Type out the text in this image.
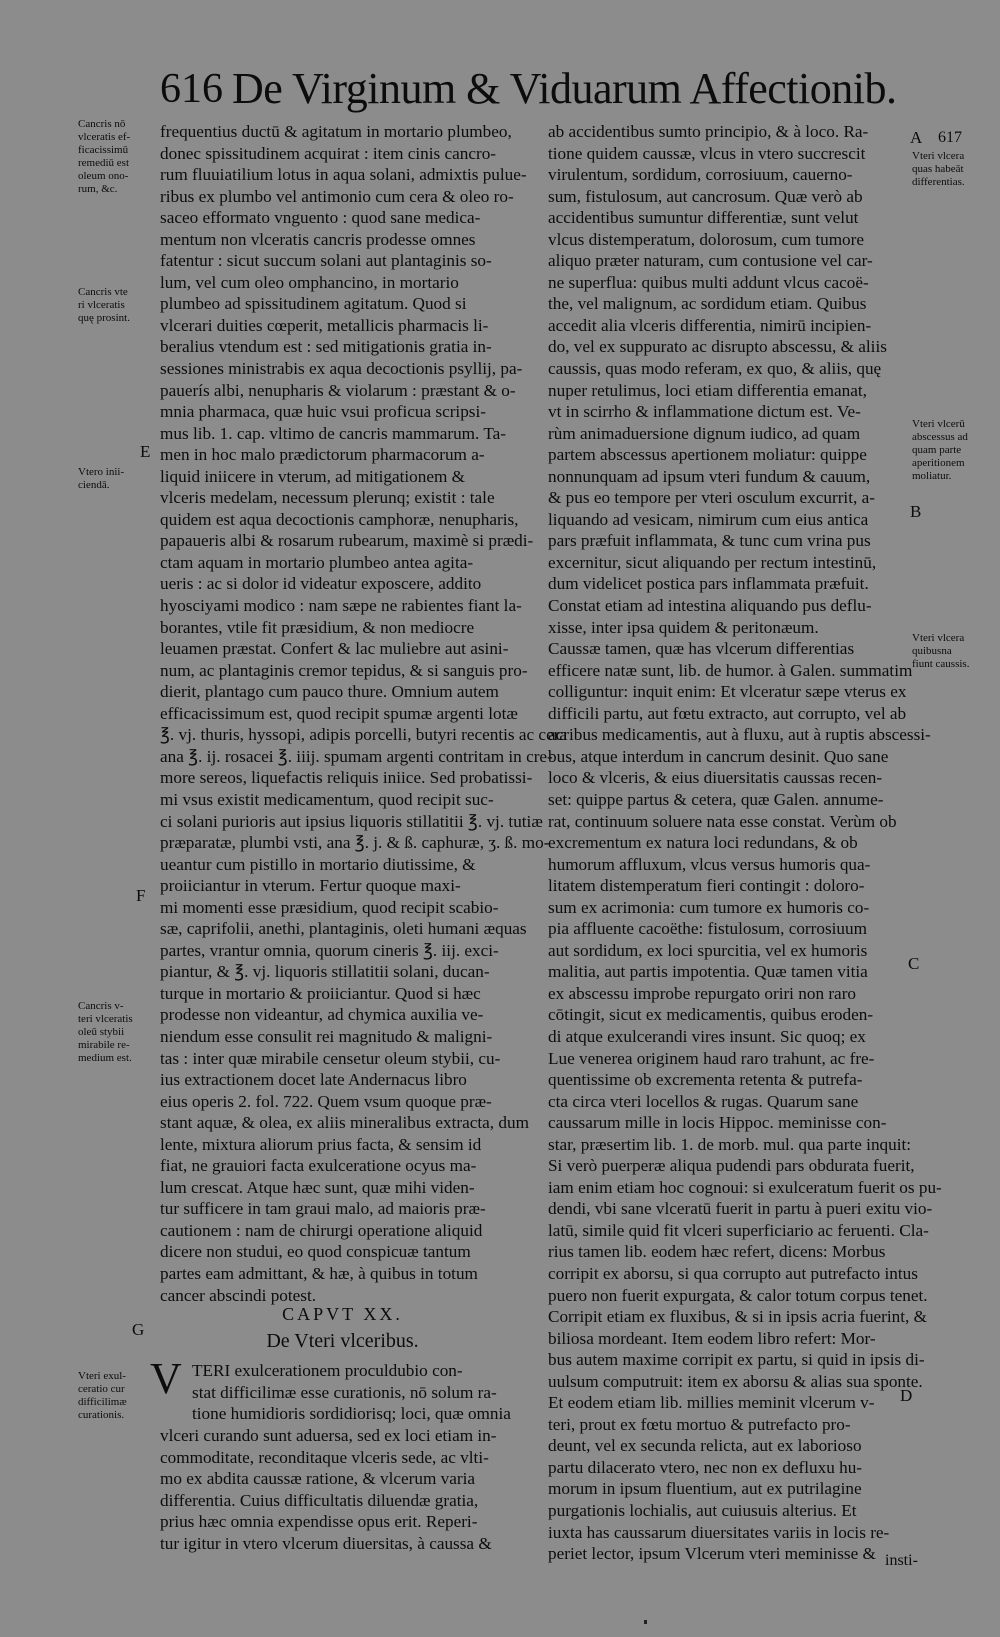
616 De Virginum & Viduarum Affectionib.
Cancris nō
vlceratis ef-
ficacissimū
remediū est
oleum ono-
rum, &c.
Cancris vte
ri vlceratis
quę prosint.
Vtero inii-
ciendā.
Cancris v-
teri vlceratis
oleū stybii
mirabile re-
medium est.
Vteri exul-
ceratio cur
difficilimæ
curationis.
E
F
G
A 617
Vteri vlcera
quas habeāt
differentias.
Vteri vlcerū
abscessus ad
quam parte
aperitionem
moliatur.
B
Vteri vlcera
quibusna
fiunt caussis.
C
D
frequentius ductū & agitatum in mortario plumbeo,
donec spissitudinem acquirat : item cinis cancro-
rum fluuiatilium lotus in aqua solani, admixtis pulue-
ribus ex plumbo vel antimonio cum cera & oleo ro-
saceo efformato vnguento : quod sane medica-
mentum non vlceratis cancris prodesse omnes
fatentur : sicut succum solani aut plantaginis so-
lum, vel cum oleo omphancino, in mortario
plumbeo ad spissitudinem agitatum. Quod si
vlcerari duities cœperit, metallicis pharmacis li-
beralius vtendum est : sed mitigationis gratia in-
sessiones ministrabis ex aqua decoctionis psyllij, pa-
pauerís albi, nenupharis & violarum : præstant & o-
mnia pharmaca, quæ huic vsui proficua scripsi-
mus lib. 1. cap. vltimo de cancris mammarum. Ta-
men in hoc malo prædictorum pharmacorum a-
liquid iniicere in vterum, ad mitigationem &
vlceris medelam, necessum plerunq; existit : tale
quidem est aqua decoctionis camphoræ, nenupharis,
papaueris albi & rosarum rubearum, maximè si prædi-
ctam aquam in mortario plumbeo antea agita-
ueris : ac si dolor id videatur exposcere, addito
hyosciyami modico : nam sæpe ne rabientes fiant la-
borantes, vtile fit præsidium, & non mediocre
leuamen præstat. Confert & lac muliebre aut asini-
num, ac plantaginis cremor tepidus, & si sanguis pro-
dierit, plantago cum pauco thure. Omnium autem
efficacissimum est, quod recipit spumæ argenti lotæ
℥. vj. thuris, hyssopi, adipis porcelli, butyri recentis ac cera
ana ℥. ij. rosacei ℥. iiij. spumam argenti contritam in cre-
more sereos, liquefactis reliquis iniice. Sed probatissi-
mi vsus existit medicamentum, quod recipit suc-
ci solani purioris aut ipsius liquoris stillatitii ℥. vj. tutiæ
præparatæ, plumbi vsti, ana ℥. j. & ß. caphuræ, ʒ. ß. mo-
ueantur cum pistillo in mortario diutissime, &
proiiciantur in vterum. Fertur quoque maxi-
mi momenti esse præsidium, quod recipit scabio-
sæ, caprifolii, anethi, plantaginis, oleti humani æquas
partes, vrantur omnia, quorum cineris ℥. iij. exci-
piantur, & ℥. vj. liquoris stillatitii solani, ducan-
turque in mortario & proiiciantur. Quod si hæc
prodesse non videantur, ad chymica auxilia ve-
niendum esse consulit rei magnitudo & maligni-
tas : inter quæ mirabile censetur oleum stybii, cu-
ius extractionem docet late Andernacus libro
eius operis 2. fol. 722. Quem vsum quoque præ-
stant aquæ, & olea, ex aliis mineralibus extracta, dum
lente, mixtura aliorum prius facta, & sensim id
fiat, ne grauiori facta exulceratione ocyus ma-
lum crescat. Atque hæc sunt, quæ mihi viden-
tur sufficere in tam graui malo, ad maioris præ-
cautionem : nam de chirurgi operatione aliquid
dicere non studui, eo quod conspicuæ tantum
partes eam admittant, & hæ, à quibus in totum
cancer abscindi potest.
CAPVT XX.
De Vteri vlceribus.
V TERI exulcerationem proculdubio con-
stat difficilimæ esse curationis, nō solum ra-
tione humidioris sordidiorisq; loci, quæ omnia
vlceri curando sunt aduersa, sed ex loci etiam in-
commoditate, reconditaque vlceris sede, ac vlti-
mo ex abdita caussæ ratione, & vlcerum varia
differentia. Cuius difficultatis diluendæ gratia,
prius hæc omnia expendisse opus erit. Reperi-
tur igitur in vtero vlcerum diuersitas, à caussa &
ab accidentibus sumto principio, & à loco. Ra-
tione quidem caussæ, vlcus in vtero succrescit
virulentum, sordidum, corrosiuum, cauerno-
sum, fistulosum, aut cancrosum. Quæ verò ab
accidentibus sumuntur differentiæ, sunt velut
vlcus distemperatum, dolorosum, cum tumore
aliquo præter naturam, cum contusione vel car-
ne superflua: quibus multi addunt vlcus cacoë-
the, vel malignum, ac sordidum etiam. Quibus
accedit alia vlceris differentia, nimirū incipien-
do, vel ex suppurato ac disrupto abscessu, & aliis
caussis, quas modo referam, ex quo, & aliis, quę
nuper retulimus, loci etiam differentia emanat,
vt in scirrho & inflammatione dictum est. Ve-
rùm animaduersione dignum iudico, ad quam
partem abscessus apertionem moliatur: quippe
nonnunquam ad ipsum vteri fundum & cauum,
& pus eo tempore per vteri osculum excurrit, a-
liquando ad vesicam, nimirum cum eius antica
pars præfuit inflammata, & tunc cum vrina pus
excernitur, sicut aliquando per rectum intestinū,
dum videlicet postica pars inflammata præfuit.
Constat etiam ad intestina aliquando pus deflu-
xisse, inter ipsa quidem & peritonæum.
Caussæ tamen, quæ has vlcerum differentias
efficere natæ sunt, lib. de humor. à Galen. summatim
colliguntur: inquit enim: Et vlceratur sæpe vterus ex
difficili partu, aut fœtu extracto, aut corrupto, vel ab
acribus medicamentis, aut à fluxu, aut à ruptis abscessi-
bus, atque interdum in cancrum desinit. Quo sane
loco & vlceris, & eius diuersitatis caussas recen-
set: quippe partus & cetera, quæ Galen. annume-
rat, continuum soluere nata esse constat. Verùm ob
excrementum ex natura loci redundans, & ob
humorum affluxum, vlcus versus humoris qua-
litatem distemperatum fieri contingit : doloro-
sum ex acrimonia: cum tumore ex humoris co-
pia affluente cacoëthe: fistulosum, corrosiuum
aut sordidum, ex loci spurcitia, vel ex humoris
malitia, aut partis impotentia. Quæ tamen vitia
ex abscessu improbe repurgato oriri non raro
cōtingit, sicut ex medicamentis, quibus eroden-
di atque exulcerandi vires insunt. Sic quoq; ex
Lue venerea originem haud raro trahunt, ac fre-
quentissime ob excrementa retenta & putrefa-
cta circa vteri locellos & rugas. Quarum sane
caussarum mille in locis Hippoc. meminisse con-
star, præsertim lib. 1. de morb. mul. qua parte inquit:
Si verò puerperæ aliqua pudendi pars obdurata fuerit,
iam enim etiam hoc cognoui: si exulceratum fuerit os pu-
dendi, vbi sane vlceratū fuerit in partu à pueri exitu vio-
latū, simile quid fit vlceri superficiario ac feruenti. Cla-
rius tamen lib. eodem hæc refert, dicens: Morbus
corripit ex aborsu, si qua corrupto aut putrefacto intus
puero non fuerit expurgata, & calor totum corpus tenet.
Corripit etiam ex fluxibus, & si in ipsis acria fuerint, &
biliosa mordeant. Item eodem libro refert: Mor-
bus autem maxime corripit ex partu, si quid in ipsis di-
uulsum computruit: item ex aborsu & alias sua sponte.
Et eodem etiam lib. millies meminit vlcerum v-
teri, prout ex fœtu mortuo & putrefacto pro-
deunt, vel ex secunda relicta, aut ex laborioso
partu dilacerato vtero, nec non ex defluxu hu-
morum in ipsum fluentium, aut ex putrilagine
purgationis lochialis, aut cuiusuis alterius. Et
iuxta has caussarum diuersitates variis in locis re-
periet lector, ipsum Vlcerum vteri meminisse & insti-
